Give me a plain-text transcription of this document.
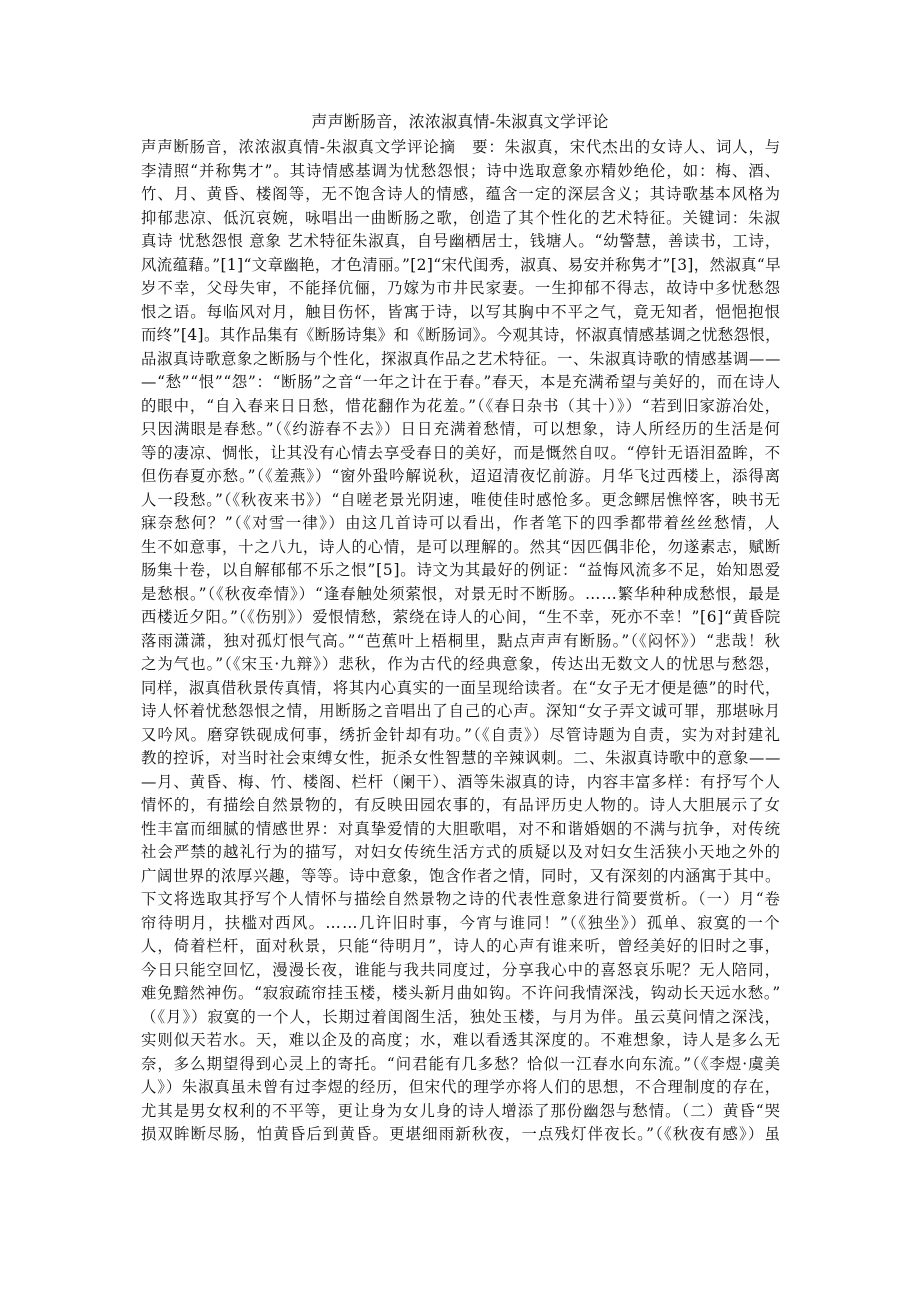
声声断肠音，浓浓淑真情-朱淑真文学评论
声声断肠音，浓浓淑真情-朱淑真文学评论摘　要：朱淑真，宋代杰出的女诗人、词人，与
李清照“并称隽才”。其诗情感基调为忧愁怨恨；诗中选取意象亦精妙绝伦，如：梅、酒、
竹、月、黄昏、楼阁等，无不饱含诗人的情感，蕴含一定的深层含义；其诗歌基本风格为
抑郁悲凉、低沉哀婉，咏唱出一曲断肠之歌，创造了其个性化的艺术特征。关键词：朱淑
真诗 忧愁怨恨 意象 艺术特征朱淑真，自号幽栖居士，钱塘人。“幼警慧，善读书，工诗，
风流蕴藉。”[1]“文章幽艳，才色清丽。”[2]“宋代闺秀，淑真、易安并称隽才”[3]，然淑真“早
岁不幸，父母失审，不能择伉俪，乃嫁为市井民家妻。一生抑郁不得志，故诗中多忧愁怨
恨之语。每临风对月，触目伤怀，皆寓于诗，以写其胸中不平之气，竟无知者，悒悒抱恨
而终”[4]。其作品集有《断肠诗集》和《断肠词》。今观其诗，怀淑真情感基调之忧愁怨恨，
品淑真诗歌意象之断肠与个性化，探淑真作品之艺术特征。一、朱淑真诗歌的情感基调——
—“愁”“恨”“怨”：“断肠”之音“一年之计在于春。”春天，本是充满希望与美好的，而在诗人
的眼中，“自入春来日日愁，惜花翻作为花羞。”（《春日杂书（其十）》）“若到旧家游冶处，
只因满眼是春愁。”（《约游春不去》）日日充满着愁情，可以想象，诗人所经历的生活是何
等的凄凉、惆怅，让其没有心情去享受春日的美好，而是慨然自叹。“停针无语泪盈眸，不
但伤春夏亦愁。”（《羞燕》）“窗外蛩吟解说秋，迢迢清夜忆前游。月华飞过西楼上，添得离
人一段愁。”（《秋夜来书》）“自嗟老景光阴速，唯使佳时感怆多。更念鳏居憔悴客，映书无
寐奈愁何？”（《对雪一律》）由这几首诗可以看出，作者笔下的四季都带着丝丝愁情，人
生不如意事，十之八九，诗人的心情，是可以理解的。然其“因匹偶非伦，勿遂素志，赋断
肠集十卷，以自解郁郁不乐之恨”[5]。诗文为其最好的例证：“益悔风流多不足，始知恩爱
是愁根。”（《秋夜牵情》）“逢春触处须萦恨，对景无时不断肠。……繁华种种成愁恨，最是
西楼近夕阳。”（《伤别》）爱恨情愁，萦绕在诗人的心间，“生不幸，死亦不幸！”[6]“黄昏院
落雨潇潇，独对孤灯恨气高。”“芭蕉叶上梧桐里，點点声声有断肠。”（《闷怀》）“悲哉！秋
之为气也。”（《宋玉·九辩》）悲秋，作为古代的经典意象，传达出无数文人的忧思与愁怨，
同样，淑真借秋景传真情，将其内心真实的一面呈现给读者。在“女子无才便是德”的时代，
诗人怀着忧愁怨恨之情，用断肠之音唱出了自己的心声。深知“女子弄文诚可罪，那堪咏月
又吟风。磨穿铁砚成何事，绣折金针却有功。”（《自责》）尽管诗题为自责，实为对封建礼
教的控诉，对当时社会束缚女性，扼杀女性智慧的辛辣讽刺。二、朱淑真诗歌中的意象——
—月、黄昏、梅、竹、楼阁、栏杆（阑干）、酒等朱淑真的诗，内容丰富多样：有抒写个人
情怀的，有描绘自然景物的，有反映田园农事的，有品评历史人物的。诗人大胆展示了女
性丰富而细腻的情感世界：对真挚爱情的大胆歌唱，对不和谐婚姻的不满与抗争，对传统
社会严禁的越礼行为的描写，对妇女传统生活方式的质疑以及对妇女生活狭小天地之外的
广阔世界的浓厚兴趣，等等。诗中意象，饱含作者之情，同时，又有深刻的内涵寓于其中。
下文将选取其抒写个人情怀与描绘自然景物之诗的代表性意象进行简要赏析。（一）月“卷
帘待明月，扶槛对西风。……几许旧时事，今宵与谁同！”（《独坐》）孤单、寂寞的一个
人，倚着栏杆，面对秋景，只能“待明月”，诗人的心声有谁来听，曾经美好的旧时之事，
今日只能空回忆，漫漫长夜，谁能与我共同度过，分享我心中的喜怒哀乐呢？无人陪同，
难免黯然神伤。“寂寂疏帘挂玉楼，楼头新月曲如钩。不许问我情深浅，钩动长天远水愁。”
（《月》）寂寞的一个人，长期过着闺阁生活，独处玉楼，与月为伴。虽云莫问情之深浅，
实则似天若水。天，难以企及的高度；水，难以看透其深度的。不难想象，诗人是多么无
奈，多么期望得到心灵上的寄托。“问君能有几多愁？恰似一江春水向东流。”（《李煜·虞美
人》）朱淑真虽未曾有过李煜的经历，但宋代的理学亦将人们的思想，不合理制度的存在，
尤其是男女权利的不平等，更让身为女儿身的诗人增添了那份幽怨与愁情。（二）黄昏“哭
损双眸断尽肠，怕黄昏后到黄昏。更堪细雨新秋夜，一点残灯伴夜长。”（《秋夜有感》）虽
